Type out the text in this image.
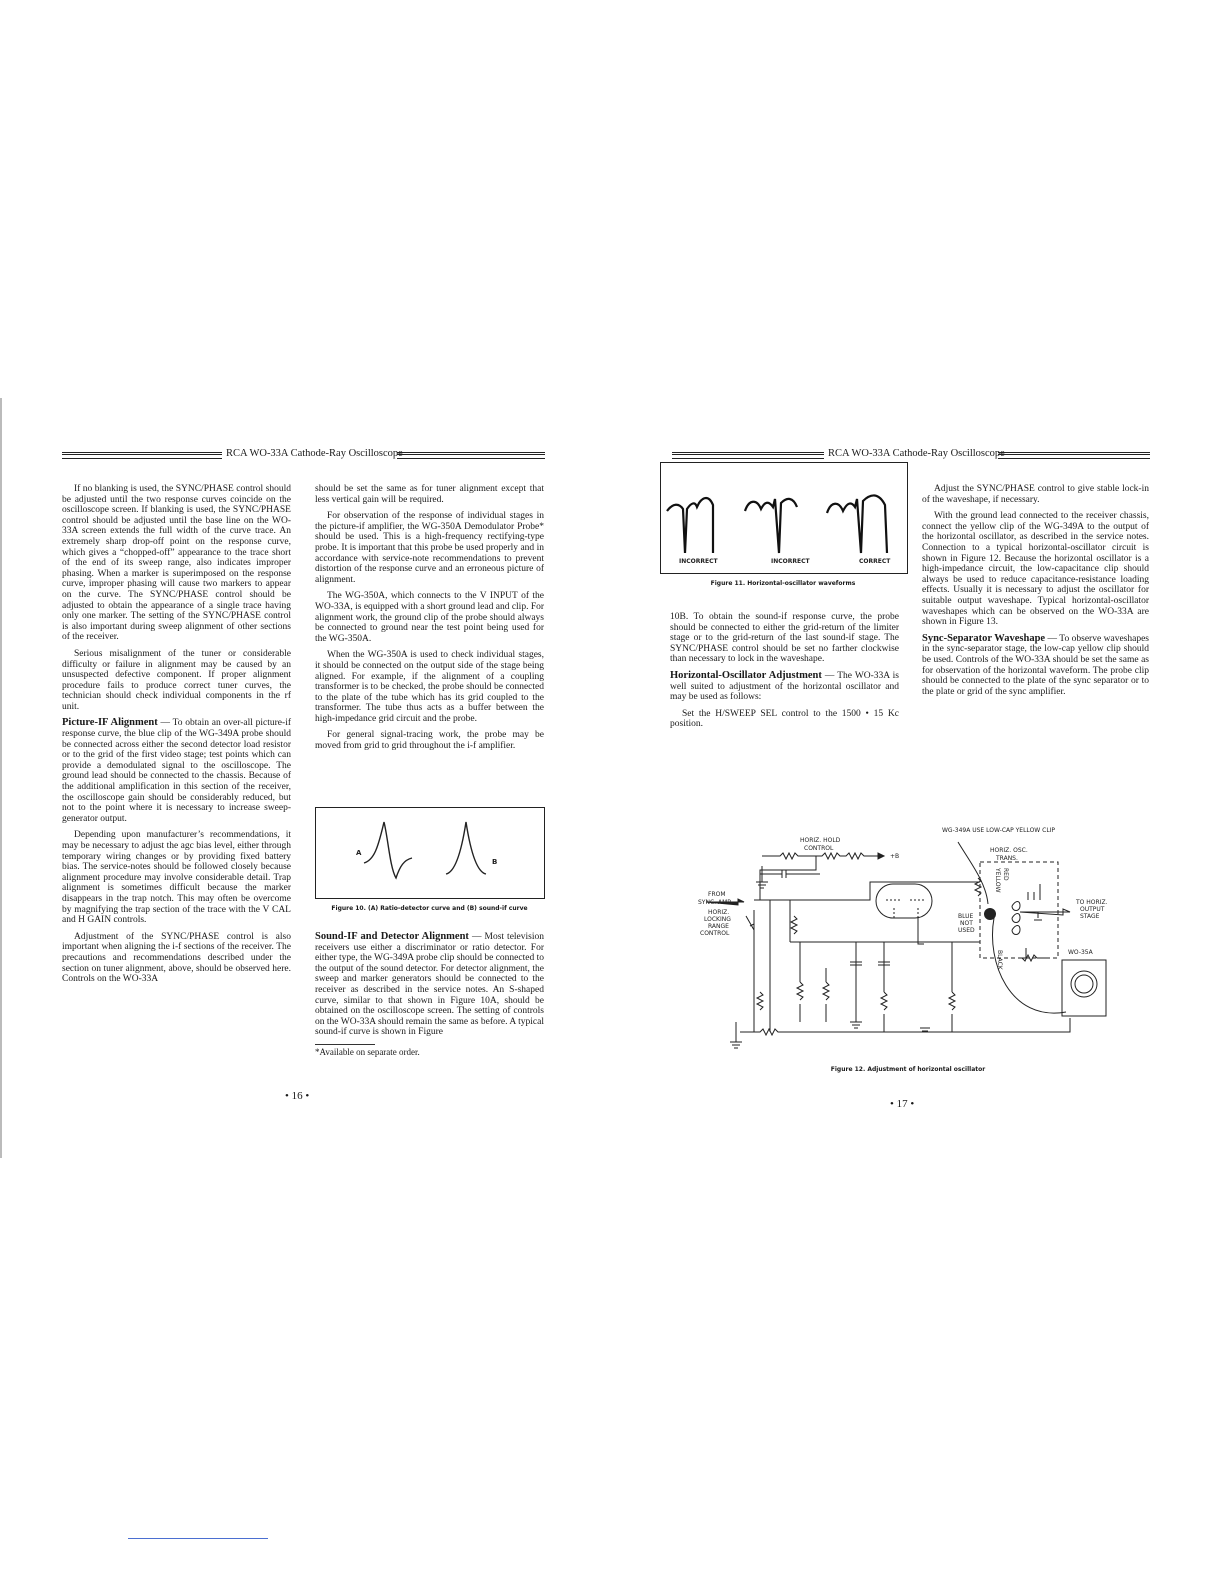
RCA WO-33A Cathode-Ray Oscilloscope

If no blanking is used, the SYNC/PHASE control should be adjusted until the two response curves coincide on the oscilloscope screen. If blanking is used, the SYNC/PHASE control should be adjusted until the base line on the WO-33A screen extends the full width of the curve trace. An extremely sharp drop-off point on the response curve, which gives a “chopped-off” appearance to the trace short of the end of its sweep range, also indicates improper phasing. When a marker is superimposed on the response curve, improper phasing will cause two markers to appear on the curve. The SYNC/PHASE control should be adjusted to obtain the appearance of a single trace having only one marker. The setting of the SYNC/PHASE control is also important during sweep alignment of other sections of the receiver.

Serious misalignment of the tuner or considerable difficulty or failure in alignment may be caused by an unsuspected defective component. If proper alignment procedure fails to produce correct tuner curves, the technician should check individual components in the rf unit.

Picture-IF Alignment — To obtain an over-all picture-if response curve, the blue clip of the WG-349A probe should be connected across either the second detector load resistor or to the grid of the first video stage; test points which can provide a demodulated signal to the oscilloscope. The ground lead should be connected to the chassis. Because of the additional amplification in this section of the receiver, the oscilloscope gain should be considerably reduced, but not to the point where it is necessary to increase sweep-generator output.

Depending upon manufacturer’s recommendations, it may be necessary to adjust the agc bias level, either through temporary wiring changes or by providing fixed battery bias. The service-notes should be followed closely because alignment procedure may involve considerable detail. Trap alignment is sometimes difficult because the marker disappears in the trap notch. This may often be overcome by magnifying the trap section of the trace with the V CAL and H GAIN controls.

Adjustment of the SYNC/PHASE control is also important when aligning the i-f sections of the receiver. The precautions and recommendations described under the section on tuner alignment, above, should be observed here. Controls on the WO-33A

should be set the same as for tuner alignment except that less vertical gain will be required.

For observation of the response of individual stages in the picture-if amplifier, the WG-350A Demodulator Probe* should be used. This is a high-frequency rectifying-type probe. It is important that this probe be used properly and in accordance with service-note recommendations to prevent distortion of the response curve and an erroneous picture of alignment.

The WG-350A, which connects to the V INPUT of the WO-33A, is equipped with a short ground lead and clip. For alignment work, the ground clip of the probe should always be connected to ground near the test point being used for the WG-350A.

When the WG-350A is used to check individual stages, it should be connected on the output side of the stage being aligned. For example, if the alignment of a coupling transformer is to be checked, the probe should be connected to the plate of the tube which has its grid coupled to the transformer. The tube thus acts as a buffer between the high-impedance grid circuit and the probe.

For general signal-tracing work, the probe may be moved from grid to grid throughout the i-f amplifier.

A
B
Figure 10. (A) Ratio-detector curve and (B) sound-if curve

Sound-IF and Detector Alignment — Most television receivers use either a discriminator or ratio detector. For either type, the WG-349A probe clip should be connected to the output of the sound detector. For detector alignment, the sweep and marker generators should be connected to the receiver as described in the service notes. An S-shaped curve, similar to that shown in Figure 10A, should be obtained on the oscilloscope screen. The setting of controls on the WO-33A should remain the same as before. A typical sound-if curve is shown in Figure

*Available on separate order.
• 16 •
RCA WO-33A Cathode-Ray Oscilloscope
INCORRECT	INCORRECT	CORRECT
Figure 11. Horizontal-oscillator waveforms

10B. To obtain the sound-if response curve, the probe should be connected to either the grid-return of the limiter stage or to the grid-return of the last sound-if stage. The SYNC/PHASE control should be set no farther clockwise than necessary to lock in the waveshape.

Horizontal-Oscillator Adjustment — The WO-33A is well suited to adjustment of the horizontal oscillator and may be used as follows:

Set the H/SWEEP SEL control to the 1500 • 15 Kc position.

Adjust the SYNC/PHASE control to give stable lock-in of the waveshape, if necessary.

With the ground lead connected to the receiver chassis, connect the yellow clip of the WG-349A to the output of the horizontal oscillator, as described in the service notes. Connection to a typical horizontal-oscillator circuit is shown in Figure 12. Because the horizontal oscillator is a high-impedance circuit, the low-capacitance clip should always be used to reduce capacitance-resistance loading effects. Usually it is necessary to adjust the oscillator for suitable output waveshape. Typical horizontal-oscillator waveshapes which can be observed on the WO-33A are shown in Figure 13.

Sync-Separator Waveshape — To observe waveshapes in the sync-separator stage, the low-cap yellow clip should be used. Controls of the WO-33A should be set the same as for observation of the horizontal waveform. The probe clip should be connected to the plate of the sync separator or to the plate or grid of the sync amplifier.

WG-349A USE LOW-CAP YELLOW CLIP
HORIZ. HOLD
CONTROL
+B
HORIZ. OSC.
TRANS.
FROM
SYNC. AMP.
HORIZ.
LOCKING
RANGE
CONTROL
BLUE
NOT
USED
YELLOW RED
BLACK
TO HORIZ.
OUTPUT
STAGE
WO-35A
Figure 12. Adjustment of horizontal oscillator
• 17 •
